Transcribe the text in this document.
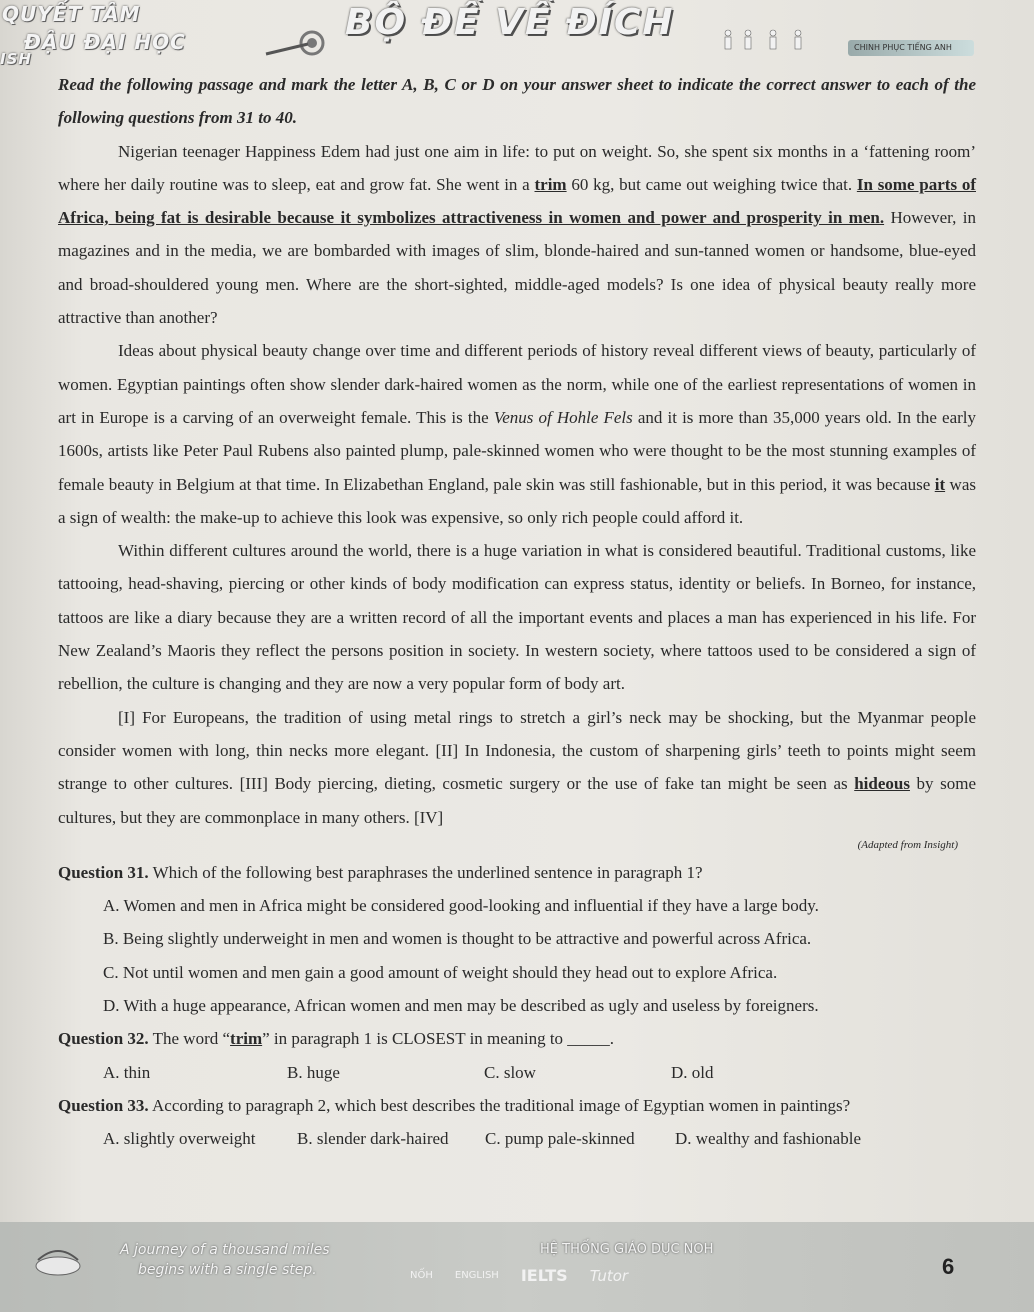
QUYẾT TÂM
ĐẬU ĐẠI HỌC
ISH
BỘ ĐỀ VỀ ĐÍCH
CHINH PHỤC TIẾNG ANH

Read the following passage and mark the letter A, B, C or D on your answer sheet to indicate the correct answer to each of the following questions from 31 to 40.

Nigerian teenager Happiness Edem had just one aim in life: to put on weight. So, she spent six months in a ‘fattening room’ where her daily routine was to sleep, eat and grow fat. She went in a trim 60 kg, but came out weighing twice that. In some parts of Africa, being fat is desirable because it symbolizes attractiveness in women and power and prosperity in men. However, in magazines and in the media, we are bombarded with images of slim, blonde-haired and sun-tanned women or handsome, blue-eyed and broad-shouldered young men. Where are the short-sighted, middle-aged models? Is one idea of physical beauty really more attractive than another?

Ideas about physical beauty change over time and different periods of history reveal different views of beauty, particularly of women. Egyptian paintings often show slender dark-haired women as the norm, while one of the earliest representations of women in art in Europe is a carving of an overweight female. This is the Venus of Hohle Fels and it is more than 35,000 years old. In the early 1600s, artists like Peter Paul Rubens also painted plump, pale-skinned women who were thought to be the most stunning examples of female beauty in Belgium at that time. In Elizabethan England, pale skin was still fashionable, but in this period, it was because it was a sign of wealth: the make-up to achieve this look was expensive, so only rich people could afford it.

Within different cultures around the world, there is a huge variation in what is considered beautiful. Traditional customs, like tattooing, head-shaving, piercing or other kinds of body modification can express status, identity or beliefs. In Borneo, for instance, tattoos are like a diary because they are a written record of all the important events and places a man has experienced in his life. For New Zealand’s Maoris they reflect the persons position in society. In western society, where tattoos used to be considered a sign of rebellion, the culture is changing and they are now a very popular form of body art.

[I] For Europeans, the tradition of using metal rings to stretch a girl’s neck may be shocking, but the Myanmar people consider women with long, thin necks more elegant. [II] In Indonesia, the custom of sharpening girls’ teeth to points might seem strange to other cultures. [III] Body piercing, dieting, cosmetic surgery or the use of fake tan might be seen as hideous by some cultures, but they are commonplace in many others. [IV]

(Adapted from Insight)

Question 31. Which of the following best paraphrases the underlined sentence in paragraph 1?

A. Women and men in Africa might be considered good-looking and influential if they have a large body.

B. Being slightly underweight in men and women is thought to be attractive and powerful across Africa.

C. Not until women and men gain a good amount of weight should they head out to explore Africa.

D. With a huge appearance, African women and men may be described as ugly and useless by foreigners.

Question 32. The word “trim” in paragraph 1 is CLOSEST in meaning to _____.

A. thin	B. huge	C. slow	D. old

Question 33. According to paragraph 2, which best describes the traditional image of Egyptian women in paintings?

A. slightly overweight	B. slender dark-haired	C. pump pale-skinned	D. wealthy and fashionable
A journey of a thousand miles
begins with a single step.
HỆ THỐNG GIÁO DỤC NOH
NỐH ENGLISH IELTS Tutor	6
